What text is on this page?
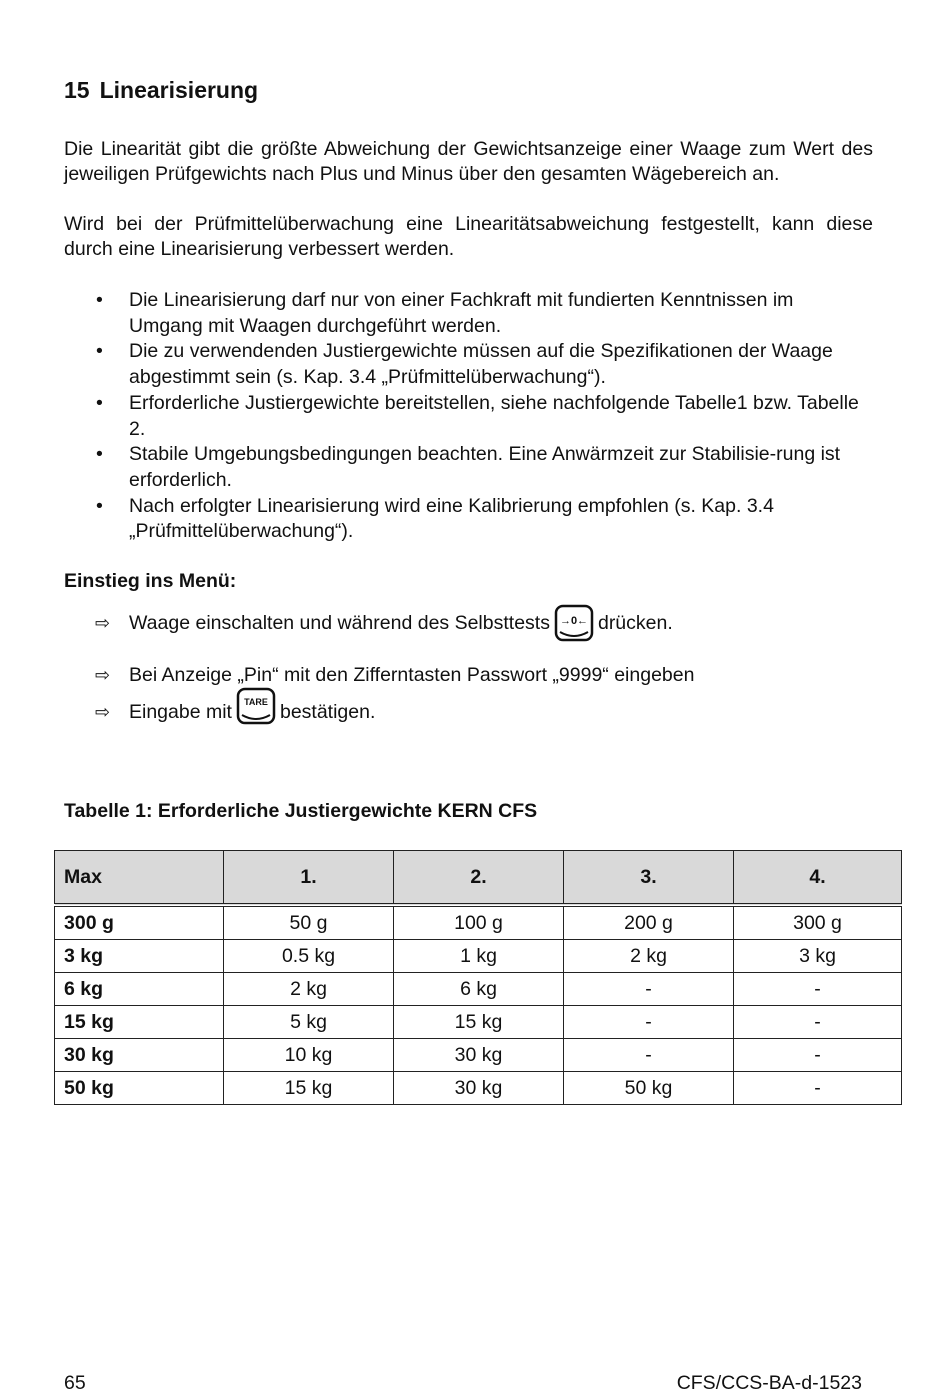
15 Linearisierung
Die Linearität gibt die größte Abweichung der Gewichtsanzeige einer Waage zum Wert des jeweiligen Prüfgewichts nach Plus und Minus über den gesamten Wägebereich an.
Wird bei der Prüfmittelüberwachung eine Linearitätsabweichung festgestellt, kann diese durch eine Linearisierung verbessert werden.
• Die Linearisierung darf nur von einer Fachkraft mit fundierten Kenntnissen im Umgang mit Waagen durchgeführt werden.
• Die zu verwendenden Justiergewichte müssen auf die Spezifikationen der Waage abgestimmt sein (s. Kap. 3.4 „Prüfmittelüberwachung“).
• Erforderliche Justiergewichte bereitstellen, siehe nachfolgende Tabelle1 bzw. Tabelle 2.
• Stabile Umgebungsbedingungen beachten. Eine Anwärmzeit zur Stabilisie-rung ist erforderlich.
• Nach erfolgter Linearisierung wird eine Kalibrierung empfohlen (s. Kap. 3.4 „Prüfmittelüberwachung“).
Einstieg ins Menü:
⇨ Waage einschalten und während des Selbsttests →0← drücken.
⇨ Bei Anzeige „Pin“ mit den Zifferntasten Passwort „9999“ eingeben
⇨ Eingabe mit TARE bestätigen.
Tabelle 1: Erforderliche Justiergewichte KERN CFS
Max	1.	2.	3.	4.
300 g	50 g	100 g	200 g	300 g
3 kg	0.5 kg	1 kg	2 kg	3 kg
6 kg	2 kg	6 kg	-	-
15 kg	5 kg	15 kg	-	-
30 kg	10 kg	30 kg	-	-
50 kg	15 kg	30 kg	50 kg	-
65	CFS/CCS-BA-d-1523
